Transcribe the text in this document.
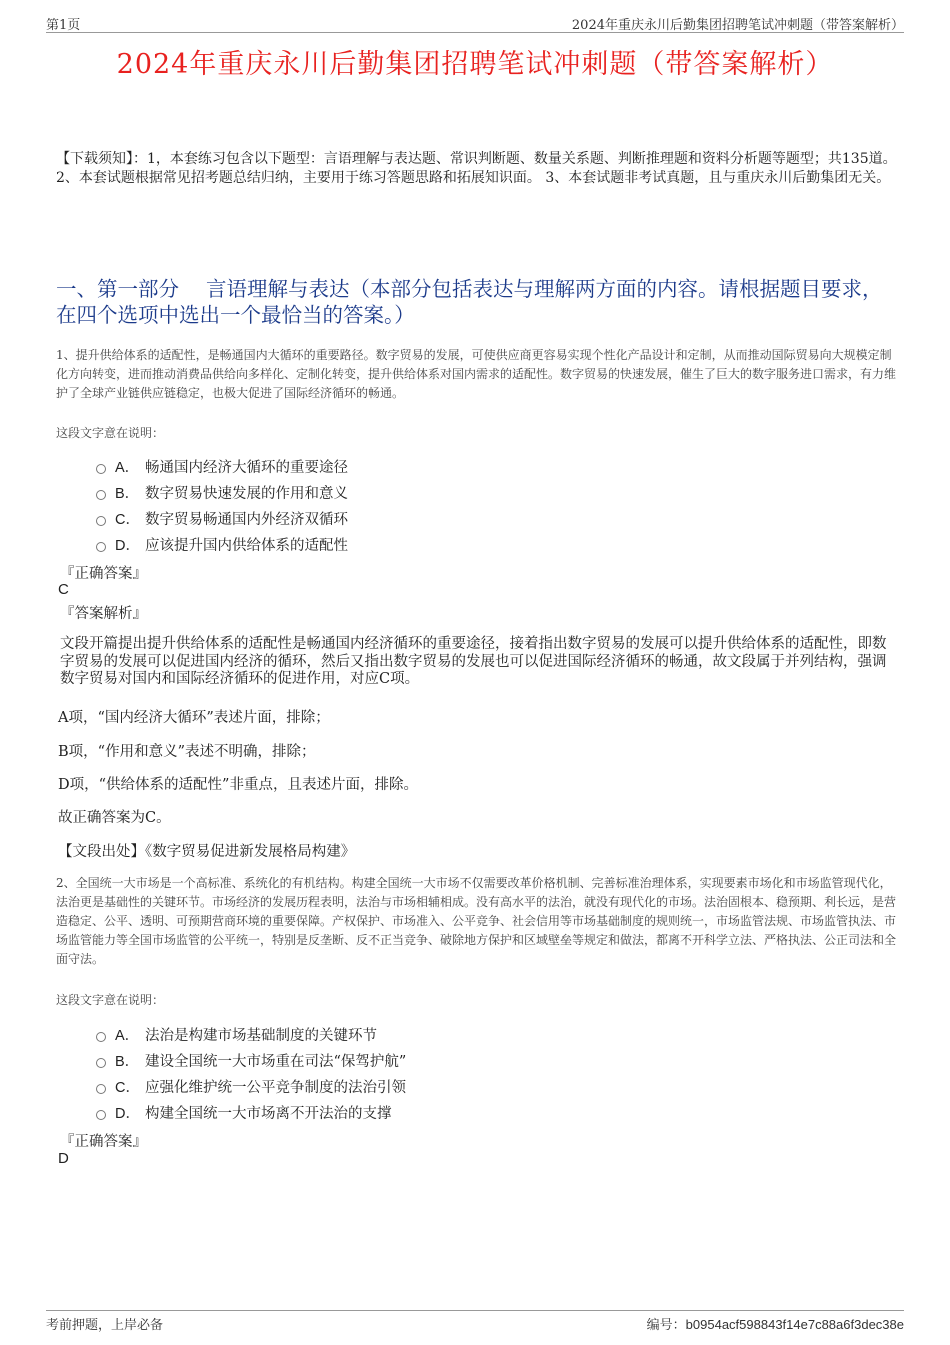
第1页	2024年重庆永川后勤集团招聘笔试冲刺题（带答案解析）
2024年重庆永川后勤集团招聘笔试冲刺题（带答案解析）
【下载须知】：1，本套练习包含以下题型：言语理解与表达题、常识判断题、数量关系题、判断推理题和资料分析题等题型；共135道。 2、本套试题根据常见招考题总结归纳，主要用于练习答题思路和拓展知识面。 3、本套试题非考试真题，且与重庆永川后勤集团无关。
一、第一部分　 言语理解与表达（本部分包括表达与理解两方面的内容。请根据题目要求，在四个选项中选出一个最恰当的答案。）
1、提升供给体系的适配性，是畅通国内大循环的重要路径。数字贸易的发展，可使供应商更容易实现个性化产品设计和定制，从而推动国际贸易向大规模定制化方向转变，进而推动消费品供给向多样化、定制化转变，提升供给体系对国内需求的适配性。数字贸易的快速发展，催生了巨大的数字服务进口需求，有力维护了全球产业链供应链稳定，也极大促进了国际经济循环的畅通。
这段文字意在说明：
A． 畅通国内经济大循环的重要途径
B． 数字贸易快速发展的作用和意义
C． 数字贸易畅通国内外经济双循环
D． 应该提升国内供给体系的适配性
『正确答案』
C
『答案解析』
文段开篇提出提升供给体系的适配性是畅通国内经济循环的重要途径，接着指出数字贸易的发展可以提升供给体系的适配性，即数字贸易的发展可以促进国内经济的循环，然后又指出数字贸易的发展也可以促进国际经济循环的畅通，故文段属于并列结构，强调数字贸易对国内和国际经济循环的促进作用，对应C项。
A项，“国内经济大循环”表述片面，排除；
B项，“作用和意义”表述不明确，排除；
D项，“供给体系的适配性”非重点，且表述片面，排除。
故正确答案为C。
【文段出处】《数字贸易促进新发展格局构建》
2、全国统一大市场是一个高标准、系统化的有机结构。构建全国统一大市场不仅需要改革价格机制、完善标准治理体系，实现要素市场化和市场监管现代化，法治更是基础性的关键环节。市场经济的发展历程表明，法治与市场相辅相成。没有高水平的法治，就没有现代化的市场。法治固根本、稳预期、利长远，是营造稳定、公平、透明、可预期营商环境的重要保障。产权保护、市场准入、公平竞争、社会信用等市场基础制度的规则统一，市场监管法规、市场监管执法、市场监管能力等全国市场监管的公平统一，特别是反垄断、反不正当竞争、破除地方保护和区域壁垒等规定和做法，都离不开科学立法、严格执法、公正司法和全面守法。
这段文字意在说明：
A． 法治是构建市场基础制度的关键环节
B． 建设全国统一大市场重在司法“保驾护航”
C． 应强化维护统一公平竞争制度的法治引领
D． 构建全国统一大市场离不开法治的支撑
『正确答案』
D
考前押题，上岸必备	编号：b0954acf598843f14e7c88a6f3dec38e
